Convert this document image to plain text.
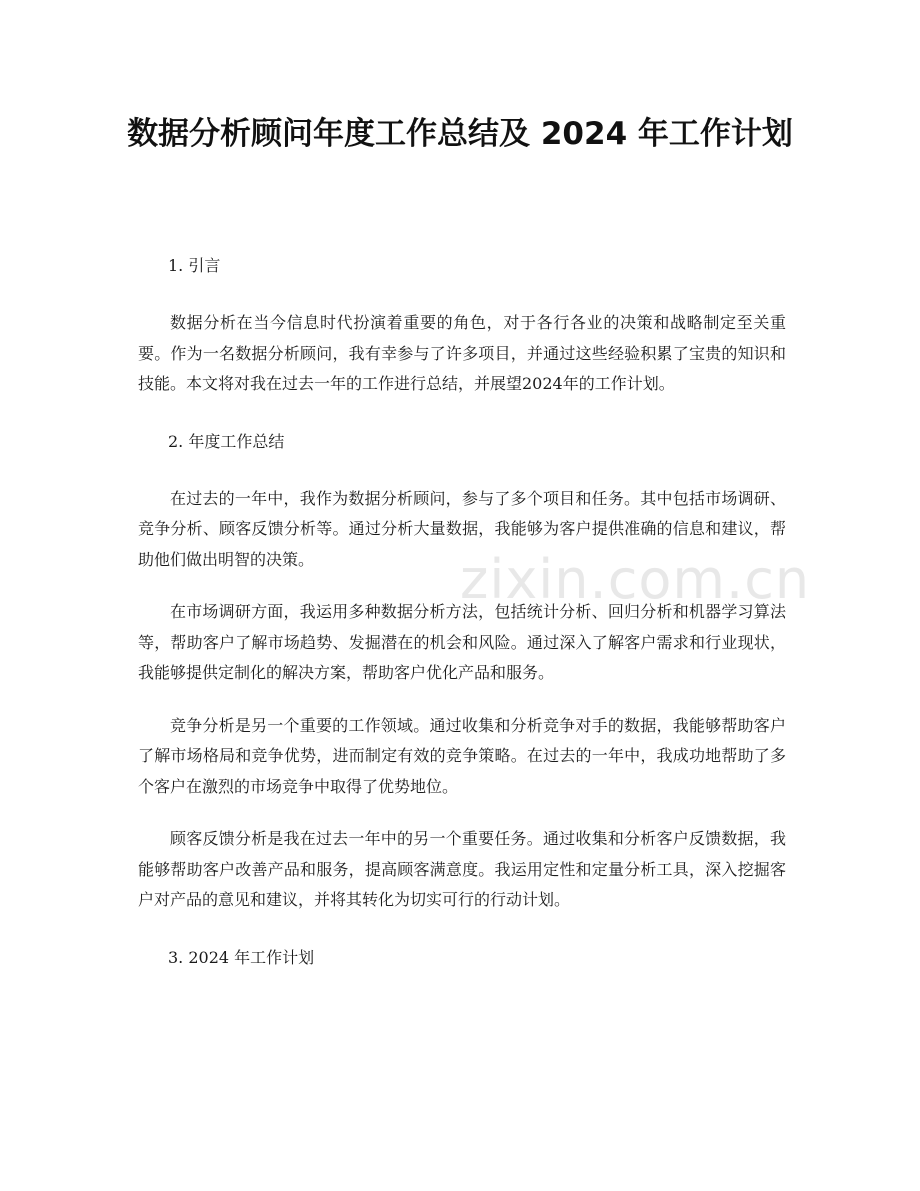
数据分析顾问年度工作总结及 2024 年工作计划

1. 引言

数据分析在当今信息时代扮演着重要的角色，对于各行各业的决策和战略制定至关重要。作为一名数据分析顾问，我有幸参与了许多项目，并通过这些经验积累了宝贵的知识和技能。本文将对我在过去一年的工作进行总结，并展望2024年的工作计划。

2. 年度工作总结

在过去的一年中，我作为数据分析顾问，参与了多个项目和任务。其中包括市场调研、竞争分析、顾客反馈分析等。通过分析大量数据，我能够为客户提供准确的信息和建议，帮助他们做出明智的决策。

在市场调研方面，我运用多种数据分析方法，包括统计分析、回归分析和机器学习算法等，帮助客户了解市场趋势、发掘潜在的机会和风险。通过深入了解客户需求和行业现状，我能够提供定制化的解决方案，帮助客户优化产品和服务。

竞争分析是另一个重要的工作领域。通过收集和分析竞争对手的数据，我能够帮助客户了解市场格局和竞争优势，进而制定有效的竞争策略。在过去的一年中，我成功地帮助了多个客户在激烈的市场竞争中取得了优势地位。

顾客反馈分析是我在过去一年中的另一个重要任务。通过收集和分析客户反馈数据，我能够帮助客户改善产品和服务，提高顾客满意度。我运用定性和定量分析工具，深入挖掘客户对产品的意见和建议，并将其转化为切实可行的行动计划。

3. 2024 年工作计划

zixin.com.cn
